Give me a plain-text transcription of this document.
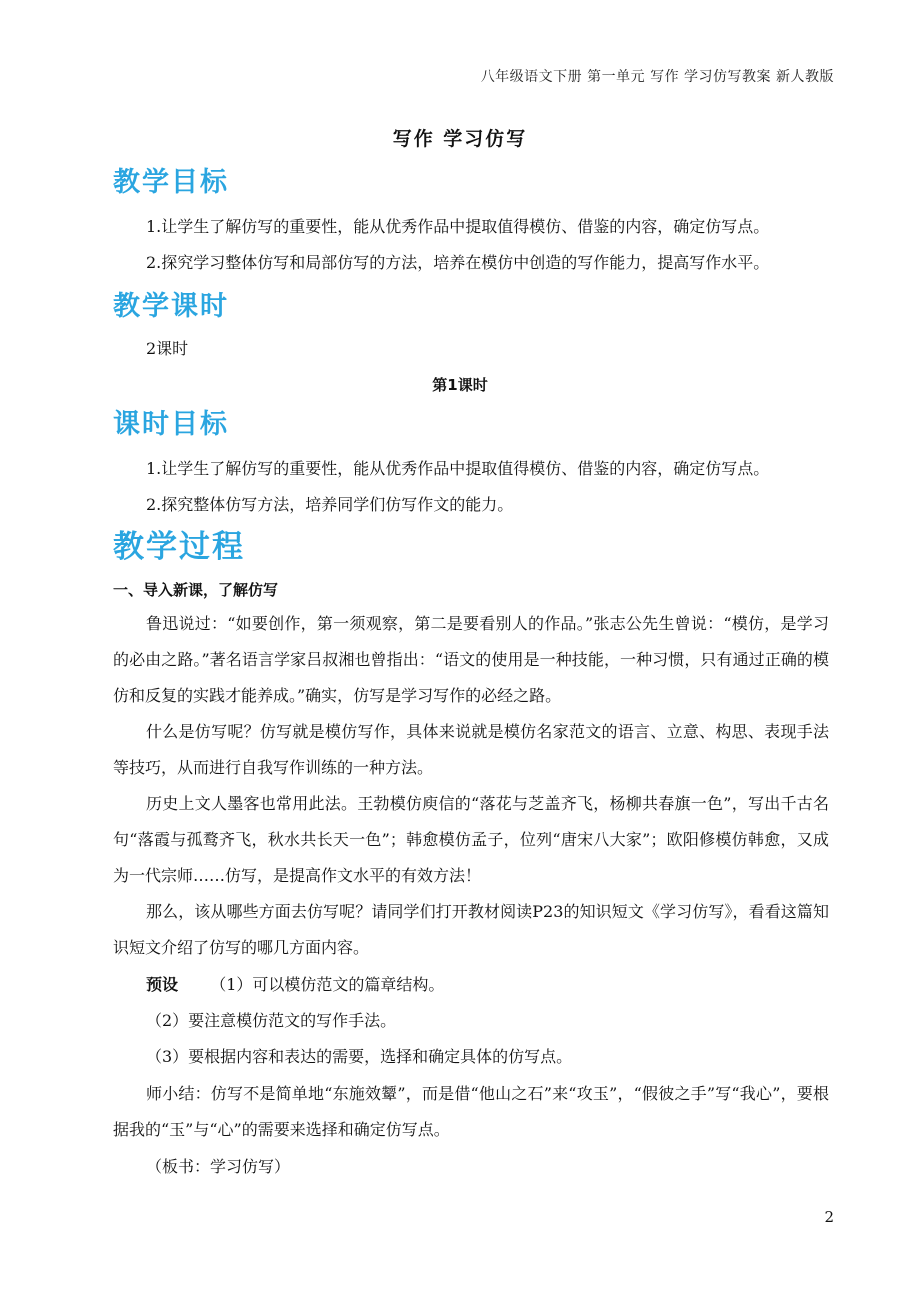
八年级语文下册 第一单元 写作 学习仿写教案 新人教版
写作 学习仿写
教学目标
1.让学生了解仿写的重要性，能从优秀作品中提取值得模仿、借鉴的内容，确定仿写点。
2.探究学习整体仿写和局部仿写的方法，培养在模仿中创造的写作能力，提高写作水平。
教学课时
2课时
第1课时
课时目标
1.让学生了解仿写的重要性，能从优秀作品中提取值得模仿、借鉴的内容，确定仿写点。
2.探究整体仿写方法，培养同学们仿写作文的能力。
教学过程
一、导入新课，了解仿写

鲁迅说过：“如要创作，第一须观察，第二是要看别人的作品。”张志公先生曾说：“模仿，是学习的必由之路。”著名语言学家吕叔湘也曾指出：“语文的使用是一种技能，一种习惯，只有通过正确的模仿和反复的实践才能养成。”确实，仿写是学习写作的必经之路。

什么是仿写呢？仿写就是模仿写作，具体来说就是模仿名家范文的语言、立意、构思、表现手法等技巧，从而进行自我写作训练的一种方法。

历史上文人墨客也常用此法。王勃模仿庾信的“落花与芝盖齐飞，杨柳共春旗一色”，写出千古名句“落霞与孤鹜齐飞，秋水共长天一色”；韩愈模仿孟子，位列“唐宋八大家”；欧阳修模仿韩愈，又成为一代宗师……仿写，是提高作文水平的有效方法！

那么，该从哪些方面去仿写呢？请同学们打开教材阅读P23的知识短文《学习仿写》，看看这篇知识短文介绍了仿写的哪几方面内容。

预设 （1）可以模仿范文的篇章结构。
（2）要注意模仿范文的写作手法。
（3）要根据内容和表达的需要，选择和确定具体的仿写点。

师小结：仿写不是简单地“东施效颦”，而是借“他山之石”来“攻玉”，“假彼之手”写“我心”，要根据我的“玉”与“心”的需要来选择和确定仿写点。

（板书：学习仿写）
2
